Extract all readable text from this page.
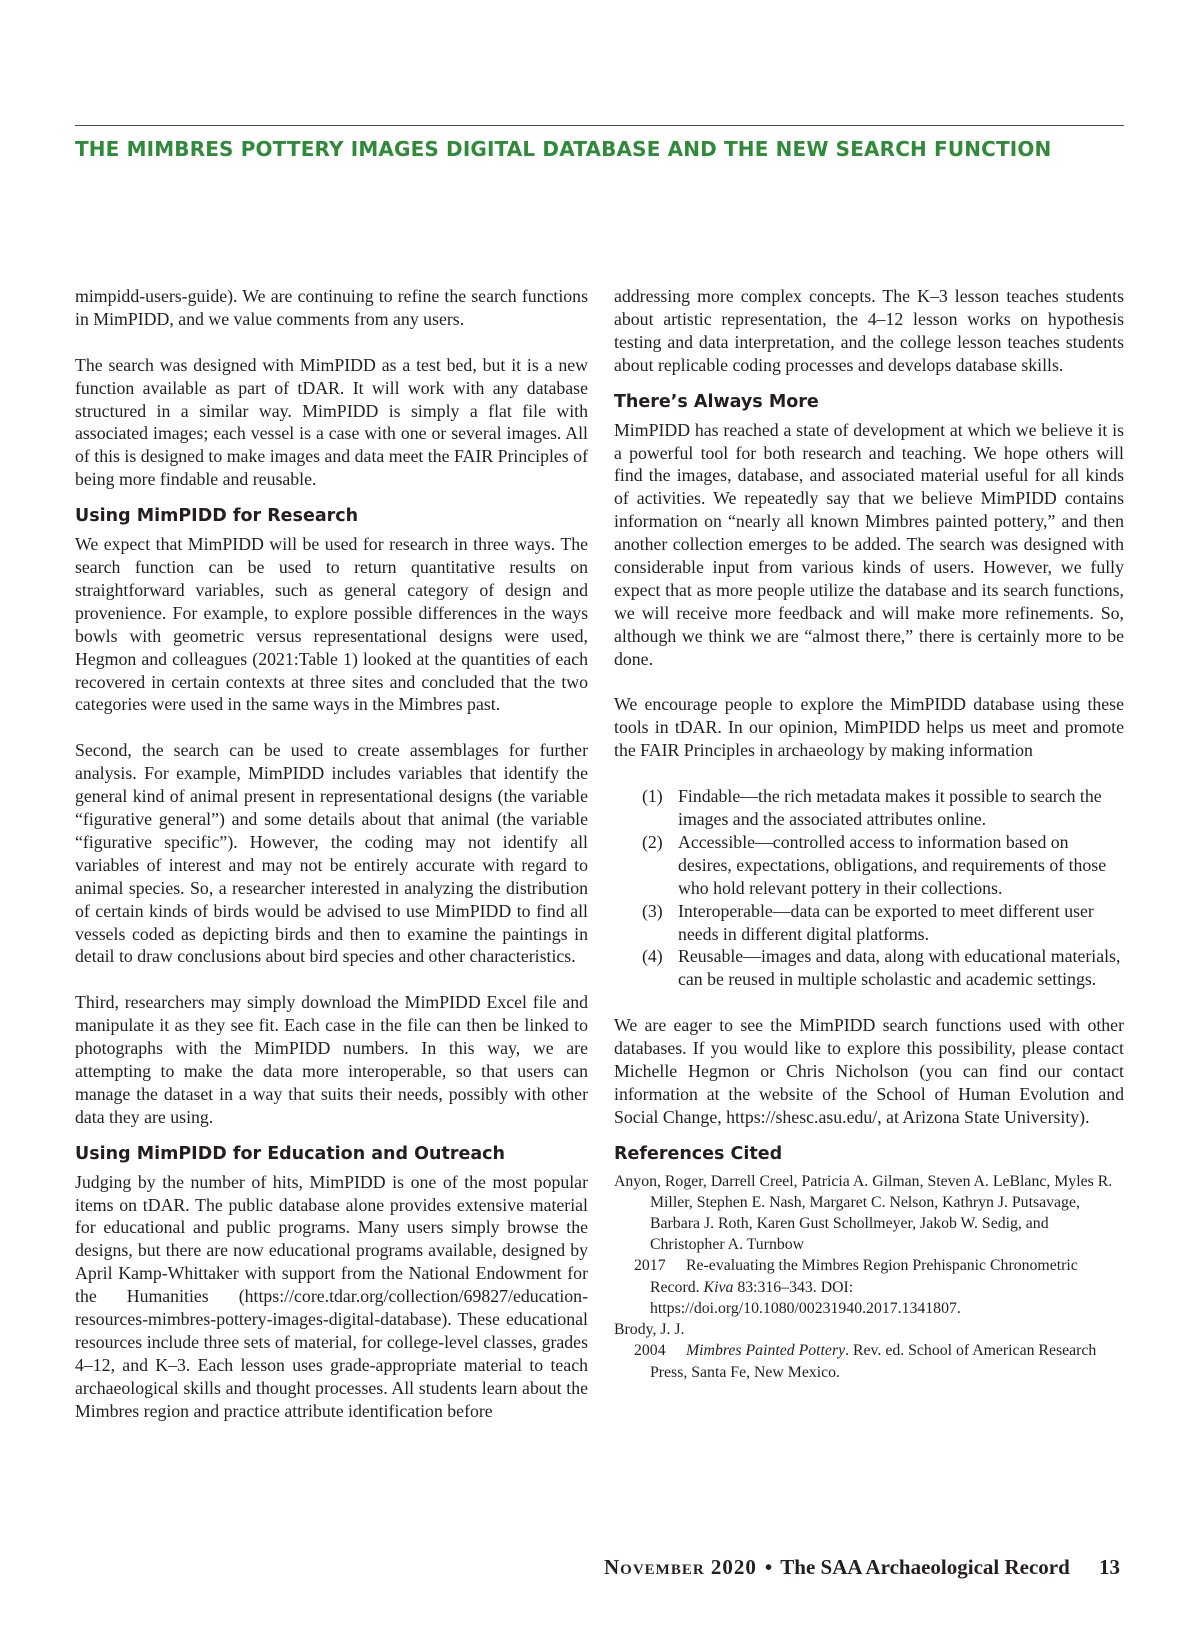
THE MIMBRES POTTERY IMAGES DIGITAL DATABASE AND THE NEW SEARCH FUNCTION

mimpidd-users-guide). We are continuing to refine the search functions in MimPIDD, and we value comments from any users.

The search was designed with MimPIDD as a test bed, but it is a new function available as part of tDAR. It will work with any database structured in a similar way. MimPIDD is simply a flat file with associated images; each vessel is a case with one or several images. All of this is designed to make images and data meet the FAIR Principles of being more findable and reusable.

Using MimPIDD for Research

We expect that MimPIDD will be used for research in three ways. The search function can be used to return quantitative results on straightforward variables, such as general category of design and provenience. For example, to explore possible differences in the ways bowls with geometric versus representational designs were used, Hegmon and colleagues (2021:Table 1) looked at the quantities of each recovered in certain contexts at three sites and concluded that the two categories were used in the same ways in the Mimbres past.

Second, the search can be used to create assemblages for further analysis. For example, MimPIDD includes variables that identify the general kind of animal present in representational designs (the variable “figurative general”) and some details about that animal (the variable “figurative specific”). However, the coding may not identify all variables of interest and may not be entirely accurate with regard to animal species. So, a researcher interested in analyzing the distribution of certain kinds of birds would be advised to use MimPIDD to find all vessels coded as depicting birds and then to examine the paintings in detail to draw conclusions about bird species and other characteristics.

Third, researchers may simply download the MimPIDD Excel file and manipulate it as they see fit. Each case in the file can then be linked to photographs with the MimPIDD numbers. In this way, we are attempting to make the data more interoperable, so that users can manage the dataset in a way that suits their needs, possibly with other data they are using.

Using MimPIDD for Education and Outreach

Judging by the number of hits, MimPIDD is one of the most popular items on tDAR. The public database alone provides extensive material for educational and public programs. Many users simply browse the designs, but there are now educational programs available, designed by April Kamp-Whittaker with support from the National Endowment for the Humanities (https://core.tdar.org/collection/69827/education-resources-mimbres-pottery-images-digital-database). These educational resources include three sets of material, for college-level classes, grades 4–12, and K–3. Each lesson uses grade-appropriate material to teach archaeological skills and thought processes. All students learn about the Mimbres region and practice attribute identification before

addressing more complex concepts. The K–3 lesson teaches students about artistic representation, the 4–12 lesson works on hypothesis testing and data interpretation, and the college lesson teaches students about replicable coding processes and develops database skills.

There’s Always More

MimPIDD has reached a state of development at which we believe it is a powerful tool for both research and teaching. We hope others will find the images, database, and associated material useful for all kinds of activities. We repeatedly say that we believe MimPIDD contains information on “nearly all known Mimbres painted pottery,” and then another collection emerges to be added. The search was designed with considerable input from various kinds of users. However, we fully expect that as more people utilize the database and its search functions, we will receive more feedback and will make more refinements. So, although we think we are “almost there,” there is certainly more to be done.

We encourage people to explore the MimPIDD database using these tools in tDAR. In our opinion, MimPIDD helps us meet and promote the FAIR Principles in archaeology by making information

(1) Findable—the rich metadata makes it possible to search the images and the associated attributes online.
(2) Accessible—controlled access to information based on desires, expectations, obligations, and requirements of those who hold relevant pottery in their collections.
(3) Interoperable—data can be exported to meet different user needs in different digital platforms.
(4) Reusable—images and data, along with educational materials, can be reused in multiple scholastic and academic settings.

We are eager to see the MimPIDD search functions used with other databases. If you would like to explore this possibility, please contact Michelle Hegmon or Chris Nicholson (you can find our contact information at the website of the School of Human Evolution and Social Change, https://shesc.asu.edu/, at Arizona State University).

References Cited
Anyon, Roger, Darrell Creel, Patricia A. Gilman, Steven A. LeBlanc, Myles R. Miller, Stephen E. Nash, Margaret C. Nelson, Kathryn J. Putsavage, Barbara J. Roth, Karen Gust Schollmeyer, Jakob W. Sedig, and Christopher A. Turnbow
2017 Re-evaluating the Mimbres Region Prehispanic Chronometric Record. Kiva 83:316–343. DOI: https://doi.org/10.1080/00231940.2017.1341807.
Brody, J. J.
2004 Mimbres Painted Pottery. Rev. ed. School of American Research Press, Santa Fe, New Mexico.
November 2020 • The SAA Archaeological Record 13
